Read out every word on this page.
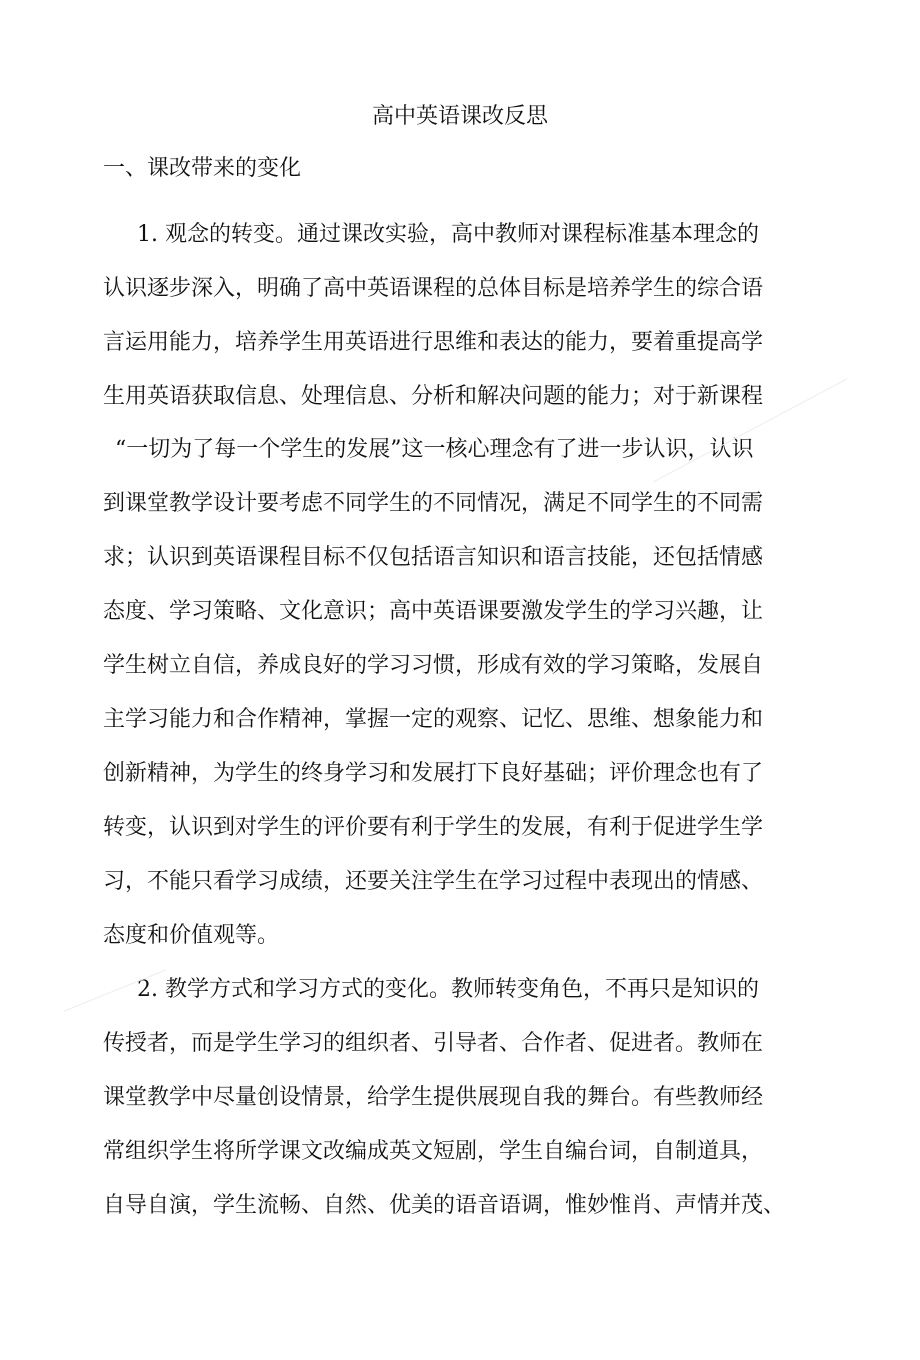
高中英语课改反思
一、课改带来的变化
1. 观念的转变。通过课改实验，高中教师对课程标准基本理念的
认识逐步深入，明确了高中英语课程的总体目标是培养学生的综合语
言运用能力，培养学生用英语进行思维和表达的能力，要着重提高学
生用英语获取信息、处理信息、分析和解决问题的能力；对于新课程
“一切为了每一个学生的发展”这一核心理念有了进一步认识，认识
到课堂教学设计要考虑不同学生的不同情况，满足不同学生的不同需
求；认识到英语课程目标不仅包括语言知识和语言技能，还包括情感
态度、学习策略、文化意识；高中英语课要激发学生的学习兴趣，让
学生树立自信，养成良好的学习习惯，形成有效的学习策略，发展自
主学习能力和合作精神，掌握一定的观察、记忆、思维、想象能力和
创新精神，为学生的终身学习和发展打下良好基础；评价理念也有了
转变，认识到对学生的评价要有利于学生的发展，有利于促进学生学
习，不能只看学习成绩，还要关注学生在学习过程中表现出的情感、
态度和价值观等。
2. 教学方式和学习方式的变化。教师转变角色，不再只是知识的
传授者，而是学生学习的组织者、引导者、合作者、促进者。教师在
课堂教学中尽量创设情景，给学生提供展现自我的舞台。有些教师经
常组织学生将所学课文改编成英文短剧，学生自编台词，自制道具，
自导自演，学生流畅、自然、优美的语音语调，惟妙惟肖、声情并茂、
